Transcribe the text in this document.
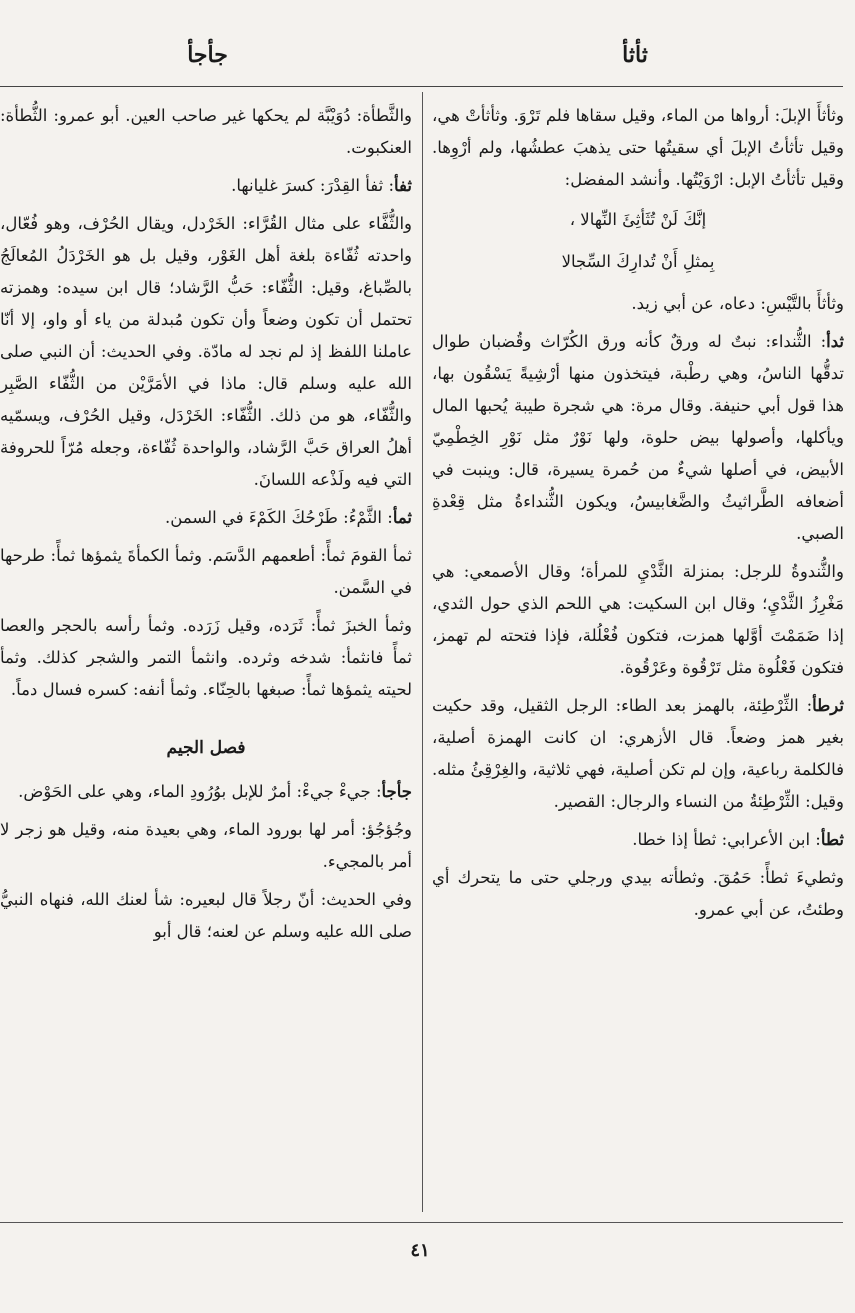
ثأثأ
جأجأ

وثأثأَ الإبلَ: أرواها من الماء، وقيل سقاها فلم تَرْوَ. وثأثأتْ هي، وقيل تأثأتُ الإبلَ أي سقيتُها حتى يذهبَ عطشُها، ولم أرْوِها. وقيل تأثأتُ الإبل: ارْوَيْتُها. وأنشد المفضل:

إنَّكَ لَنْ تُثَأثِئَ النِّهالا ،

بِمثلِ أَنْ تُدارِكَ السِّجالا

وثأثأَ بالتَّيْسِ: دعاه، عن أبي زيد.

ثدأ: الثُّنداء: نبتٌ له ورقٌ كأنه ورق الكُرّاث وقُضبان طوال تدقُّها الناسُ، وهي رطْبة، فيتخذون منها أرْشِيةً يَسْقُون بها، هذا قول أبي حنيفة. وقال مرة: هي شجرة طيبة يُحبها المال ويأكلها، وأصولها بيض حلوة، ولها نَوْرٌ مثل نَوْرِ الخِطْمِيّ الأبيض، في أصلها شيءٌ من حُمرة يسيرة، قال: وينبت في أضعافه الطَّراثيثُ والضَّغابيسُ، ويكون الثُّنداءةُ مثل قِعْدةِ الصبي.

والثُّندوةُ للرجل: بمنزلة الثَّدْيِ للمرأة؛ وقال الأصمعي: هي مَغْرِزُ الثَّدْيِ؛ وقال ابن السكيت: هي اللحم الذي حول الثدي، إذا ضَمَمْتَ أوَّلها همزت، فتكون فُعْلُلة، فإذا فتحته لم تهمز، فتكون فَعْلُوة مثل تَرْقُوة وعَرْقُوة.

ثرطأ: الثِّرْطِئة، بالهمز بعد الطاء: الرجل الثقيل، وقد حكيت بغير همز وضعاً. قال الأزهري: ان كانت الهمزة أصلية، فالكلمة رباعية، وإن لم تكن أصلية، فهي ثلاثية، والغِرْقِئُ مثله. وقيل: الثِّرْطِئةُ من النساء والرجال: القصير.

ثطأ: ابن الأعرابي: ثطأ إذا خطا.

وثطيءَ ثطأً: حَمُقَ. وثطأته بيدي ورجلي حتى ما يتحرك أي وطئتُ، عن أبي عمرو.

والثَّطأة: دُوَيْبَّة لم يحكها غير صاحب العين. أبو عمرو: الثُّطأة: العنكبوت.

ثفأ: ثفأ القِدْرَ: كسرَ غليانها.

والثُّفَّاء على مثال القُرَّاء: الخَرْدل، ويقال الحُرْف، وهو فُعّال، واحدته ثُفّاءة بلغة أهل الغَوْر، وقيل بل هو الخَرْدَلُ المُعالَجُ بالصِّباغ، وقيل: الثُّفّاء: حَبُّ الرَّشاد؛ قال ابن سيده: وهمزته تحتمل أن تكون وضعاً وأن تكون مُبدلة من ياء أو واو، إلا أنّا عاملنا اللفظ إذ لم نجد له مادّة. وفي الحديث: أن النبي صلى الله عليه وسلم قال: ماذا في الأمَرَّيْن من الثُّفّاء الصَّبِر والثُّفّاء، هو من ذلك. الثُّفّاء: الخَرْدَل، وقيل الحُرْف، ويسمّيه أهلُ العراق حَبَّ الرَّشاد، والواحدة ثُفّاءة، وجعله مُرّاً للحروفة التي فيه ولَذْعه اللسانَ.

ثمأ: الثَّمْءُ: طَرْحُكَ الكَمْءَ في السمن.

ثمأ القومَ ثمأً: أطعمهم الدَّسَم. وثمأ الكمأةَ يثمؤها ثمأً: طرحها في السَّمن.

وثمأ الخبزَ ثمأً: ثَرَده، وقيل زَرَده. وثمأ رأسه بالحجر والعصا ثمأً فانثمأ: شدخه وثرده. وانثمأ التمر والشجر كذلك. وثمأ لحيته يثمؤها ثمأً: صبغها بالحِنّاء. وثمأ أنفه: كسره فسال دماً.

فصل الجيم

جأجأ: جيءْ جيءْ: أمرٌ للإبل بوُرُودِ الماء، وهي على الحَوْض.

وجُؤجُؤ: أمر لها بورود الماء، وهي بعيدة منه، وقيل هو زجر لا أمر بالمجيء.

وفي الحديث: أنّ رجلاً قال لبعيره: شأ لعنك الله، فنهاه النبيُّ صلى الله عليه وسلم عن لعنه؛ قال أبو

٤١
